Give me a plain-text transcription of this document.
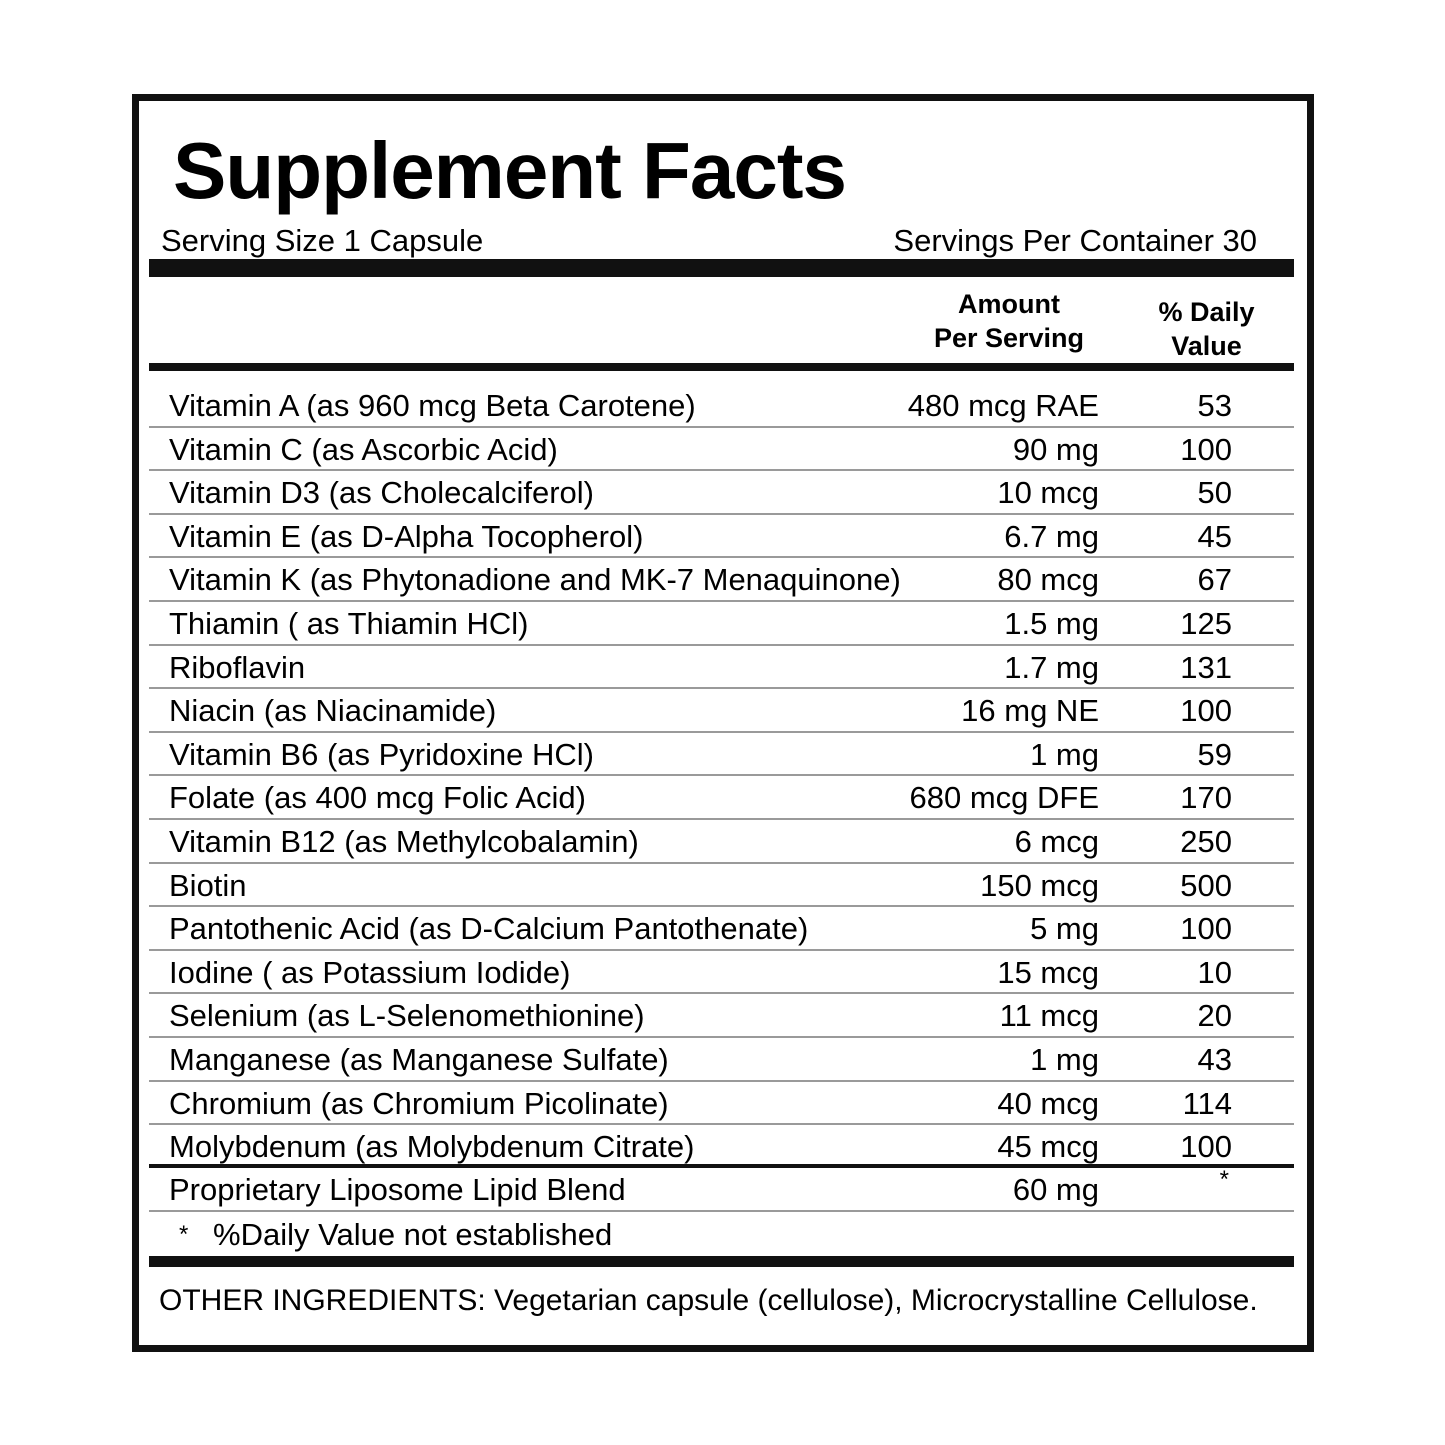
Supplement Facts
Serving Size 1 Capsule	Servings Per Container 30
Amount
Per Serving
% Daily
Value
Vitamin A (as 960 mcg Beta Carotene)	480 mcg RAE	53
Vitamin C (as Ascorbic Acid)	90 mg	100
Vitamin D3 (as Cholecalciferol)	10 mcg	50
Vitamin E (as D-Alpha Tocopherol)	6.7 mg	45
Vitamin K (as Phytonadione and MK-7 Menaquinone)	80 mcg	67
Thiamin ( as Thiamin HCl)	1.5 mg	125
Riboflavin	1.7 mg	131
Niacin (as Niacinamide)	16 mg NE	100
Vitamin B6 (as Pyridoxine HCl)	1 mg	59
Folate (as 400 mcg Folic Acid)	680 mcg DFE	170
Vitamin B12 (as Methylcobalamin)	6 mcg	250
Biotin	150 mcg	500
Pantothenic Acid (as D-Calcium Pantothenate)	5 mg	100
Iodine ( as Potassium Iodide)	15 mcg	10
Selenium (as L-Selenomethionine)	11 mcg	20
Manganese (as Manganese Sulfate)	1 mg	43
Chromium (as Chromium Picolinate)	40 mcg	114
Molybdenum (as Molybdenum Citrate)	45 mcg	100
Proprietary Liposome Lipid Blend	60 mg	*
* %Daily Value not established
OTHER INGREDIENTS: Vegetarian capsule (cellulose), Microcrystalline Cellulose.
